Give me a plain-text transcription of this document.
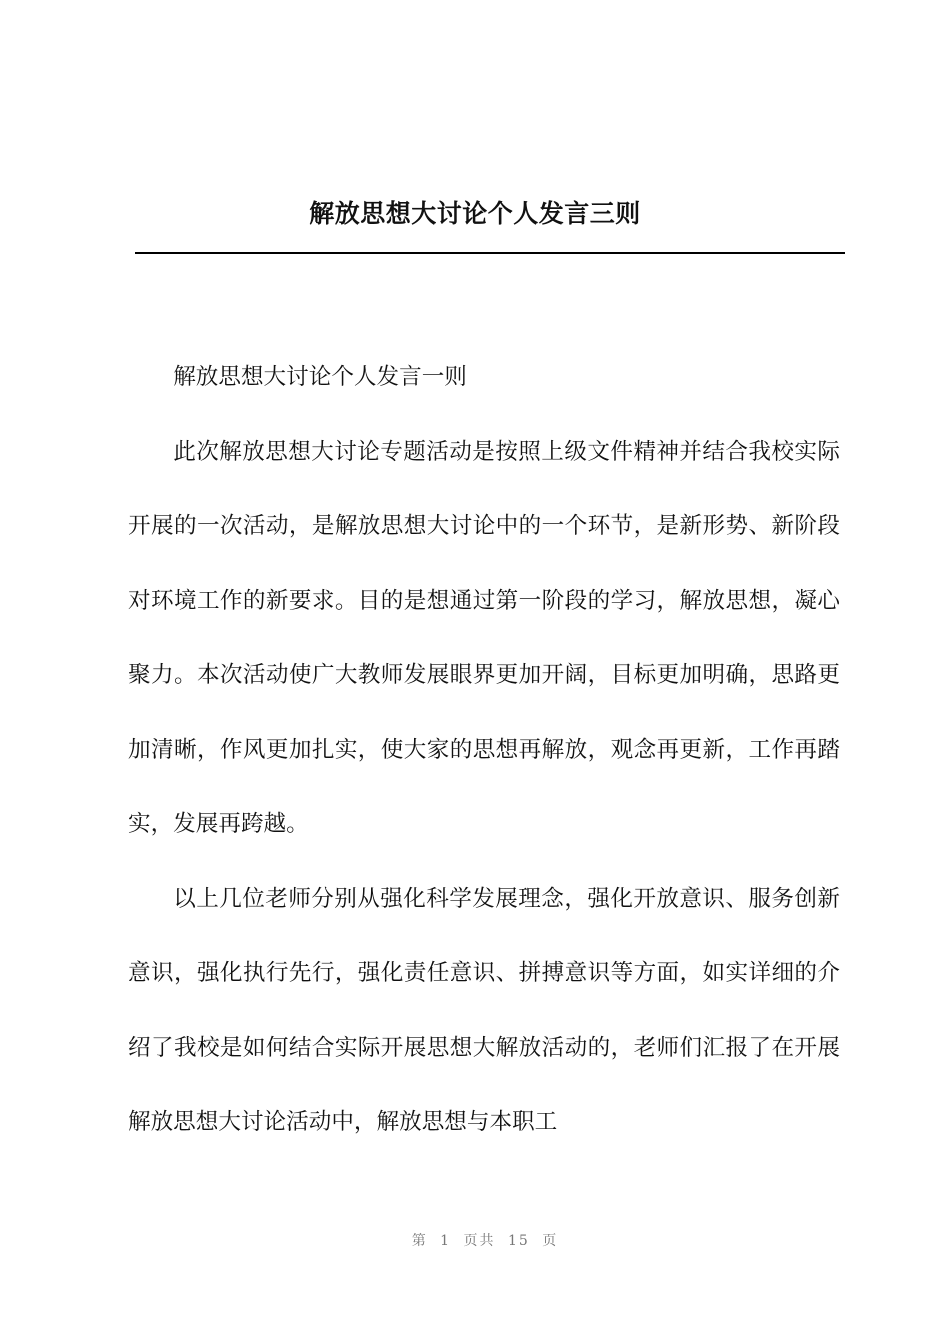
解放思想大讨论个人发言三则

解放思想大讨论个人发言一则

此次解放思想大讨论专题活动是按照上级文件精神并结合我校实际开展的一次活动，是解放思想大讨论中的一个环节，是新形势、新阶段对环境工作的新要求。目的是想通过第一阶段的学习，解放思想，凝心聚力。本次活动使广大教师发展眼界更加开阔，目标更加明确，思路更加清晰，作风更加扎实，使大家的思想再解放，观念再更新，工作再踏实，发展再跨越。

以上几位老师分别从强化科学发展理念，强化开放意识、服务创新意识，强化执行先行，强化责任意识、拼搏意识等方面，如实详细的介绍了我校是如何结合实际开展思想大解放活动的，老师们汇报了在开展解放思想大讨论活动中，解放思想与本职工

第 1 页共 15 页
